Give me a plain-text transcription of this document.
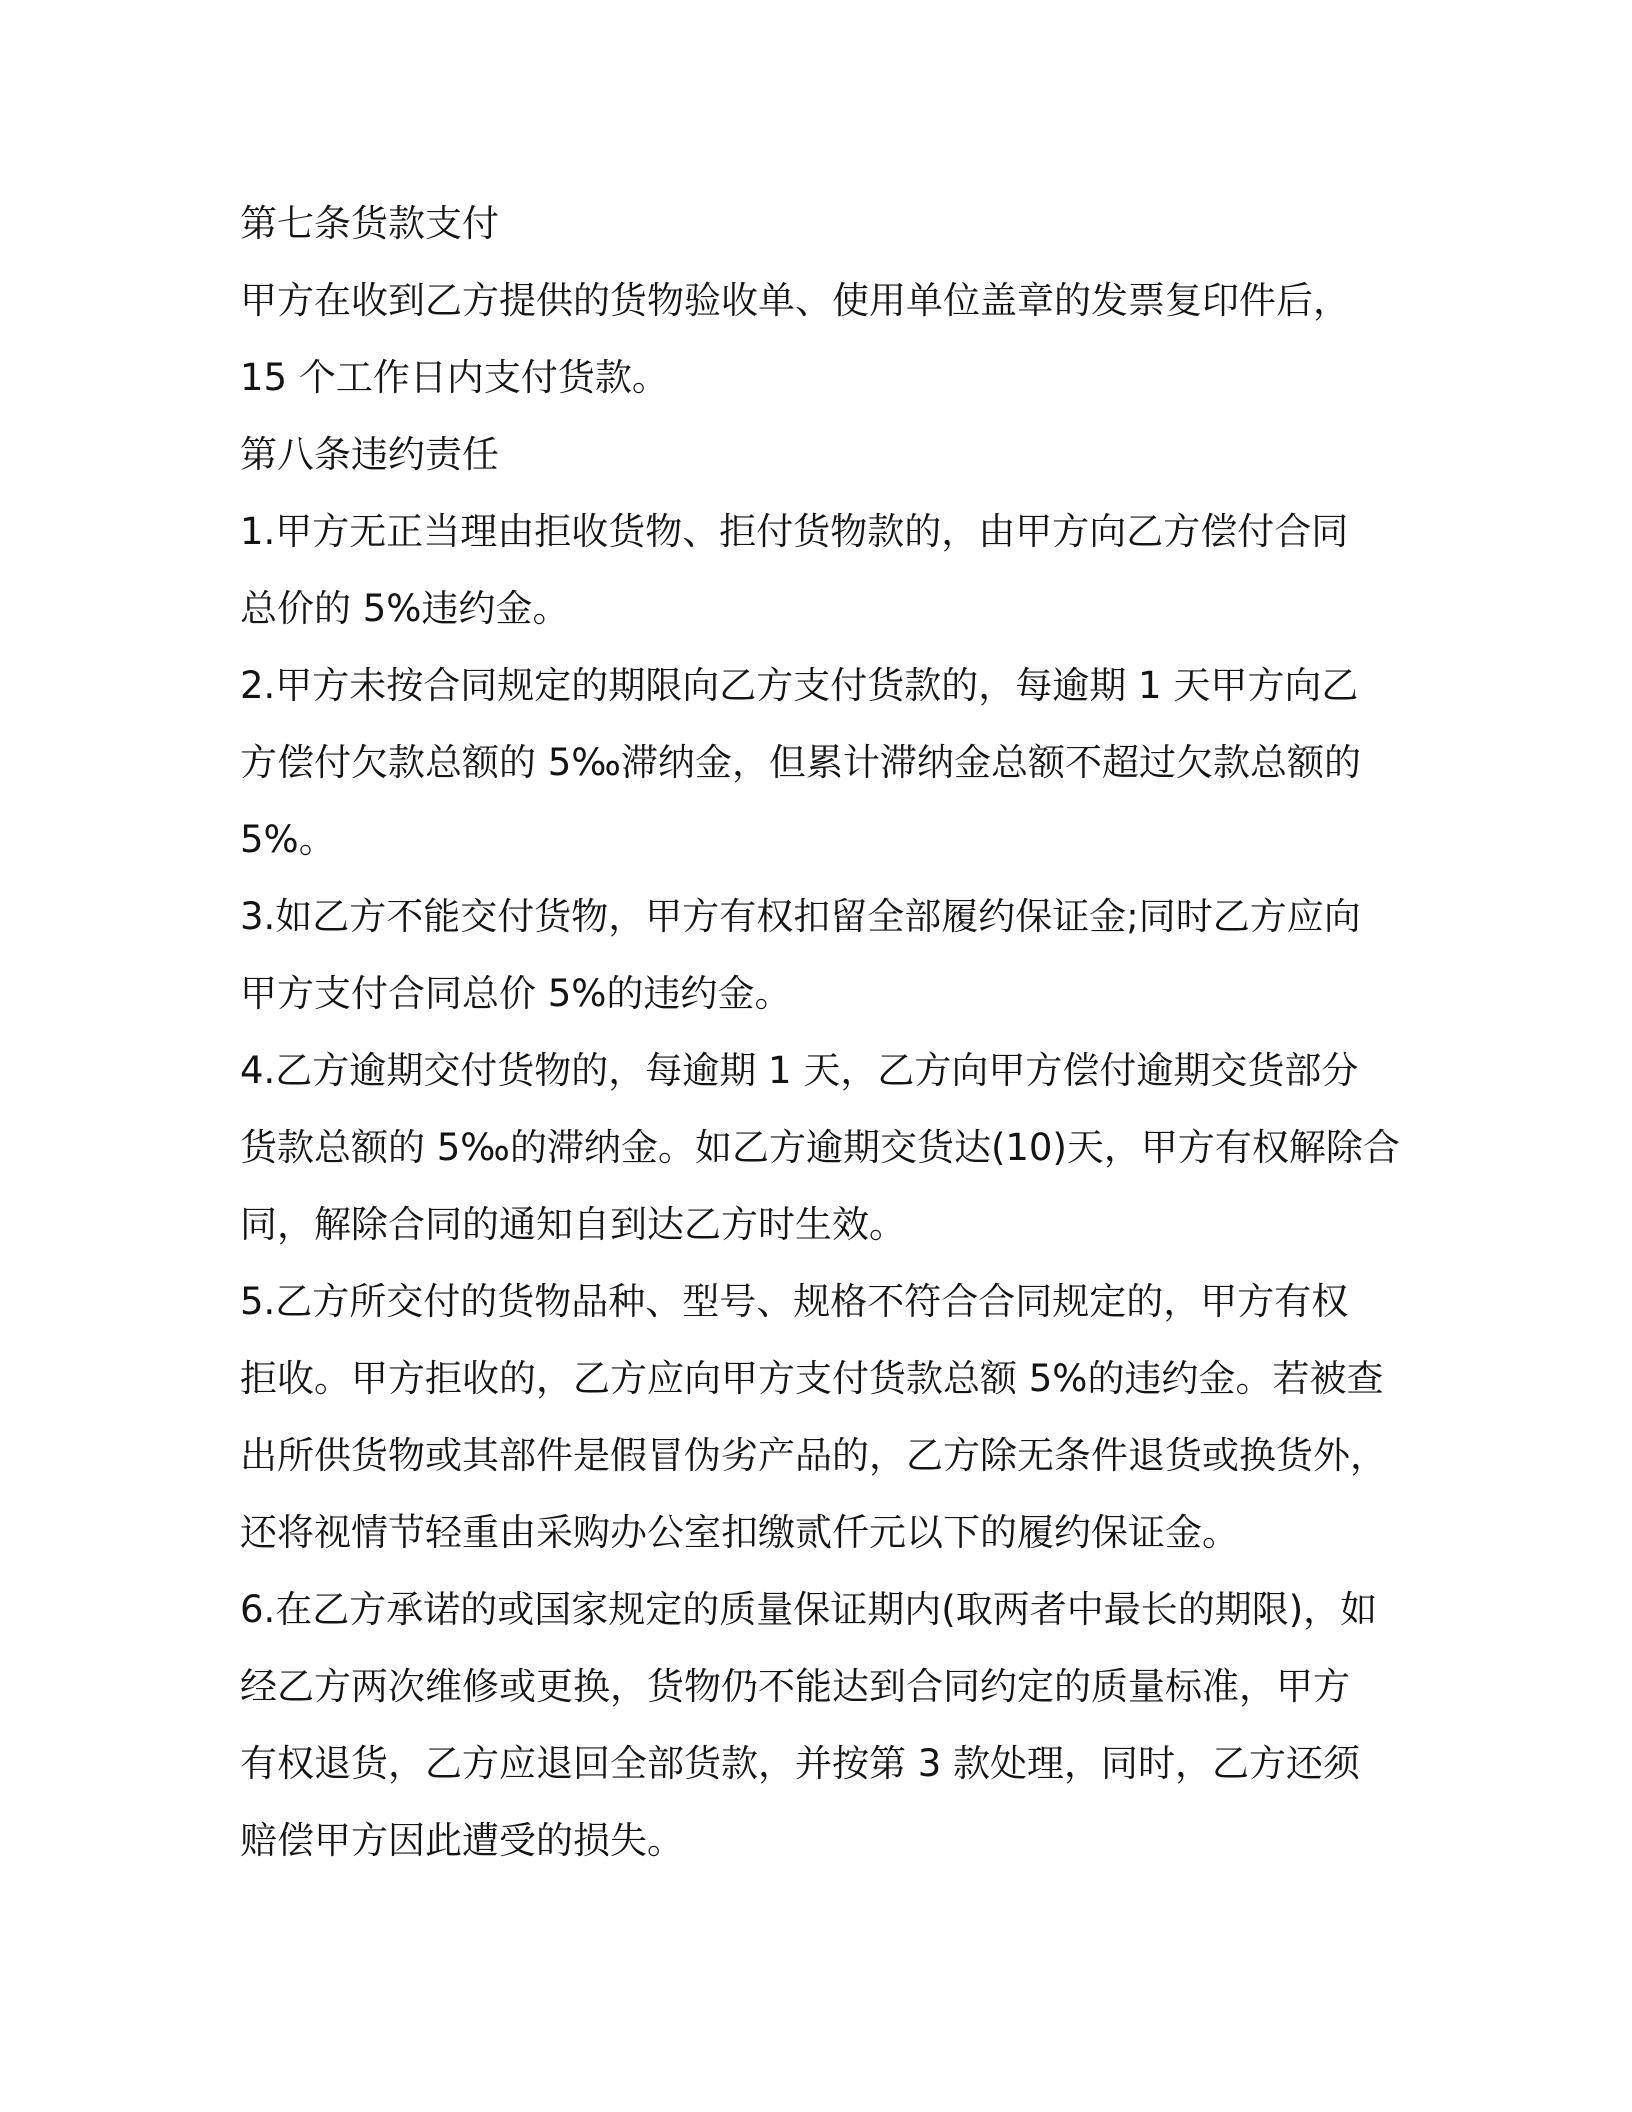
第七条货款支付
甲方在收到乙方提供的货物验收单、使用单位盖章的发票复印件后，
15 个工作日内支付货款。
第八条违约责任
1.甲方无正当理由拒收货物、拒付货物款的，由甲方向乙方偿付合同
总价的 5%违约金。
2.甲方未按合同规定的期限向乙方支付货款的，每逾期 1 天甲方向乙
方偿付欠款总额的 5‰滞纳金，但累计滞纳金总额不超过欠款总额的
5%。
3.如乙方不能交付货物，甲方有权扣留全部履约保证金;同时乙方应向
甲方支付合同总价 5%的违约金。
4.乙方逾期交付货物的，每逾期 1 天，乙方向甲方偿付逾期交货部分
货款总额的 5‰的滞纳金。如乙方逾期交货达(10)天，甲方有权解除合
同，解除合同的通知自到达乙方时生效。
5.乙方所交付的货物品种、型号、规格不符合合同规定的，甲方有权
拒收。甲方拒收的，乙方应向甲方支付货款总额 5%的违约金。若被查
出所供货物或其部件是假冒伪劣产品的，乙方除无条件退货或换货外，
还将视情节轻重由采购办公室扣缴贰仟元以下的履约保证金。
6.在乙方承诺的或国家规定的质量保证期内(取两者中最长的期限)，如
经乙方两次维修或更换，货物仍不能达到合同约定的质量标准，甲方
有权退货，乙方应退回全部货款，并按第 3 款处理，同时，乙方还须
赔偿甲方因此遭受的损失。
